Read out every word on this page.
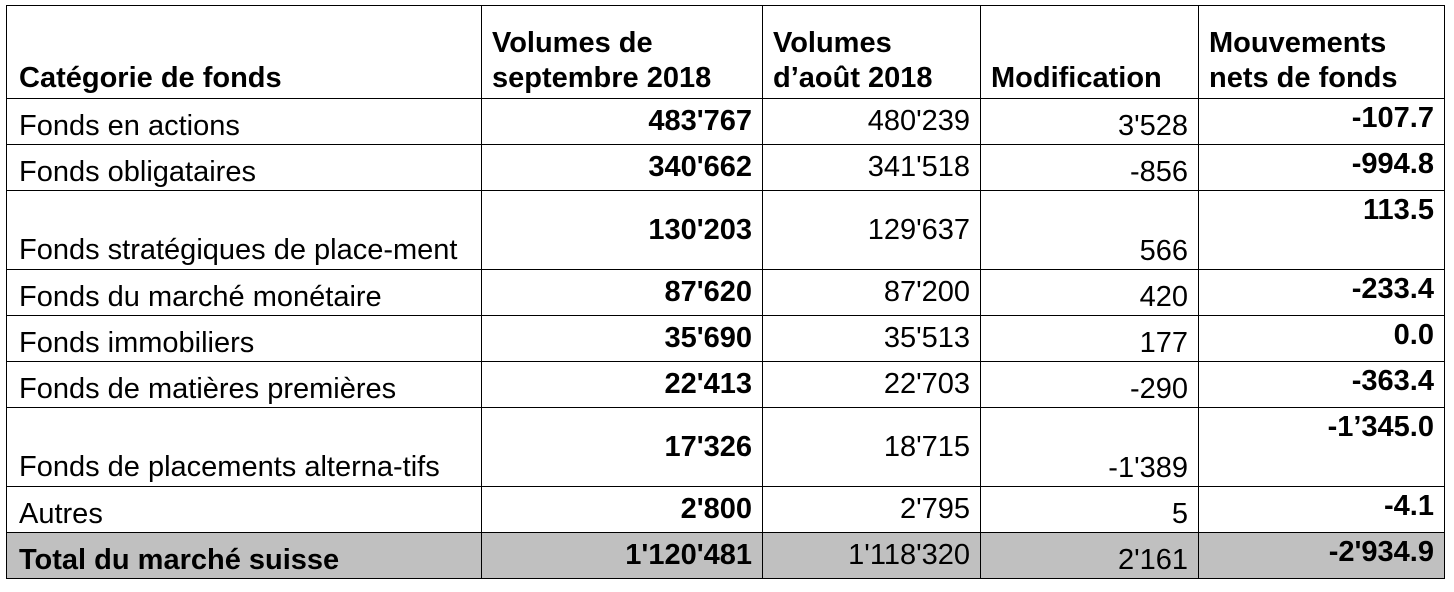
Catégorie de fonds	Volumes de septembre 2018	Volumes d’août 2018	Modification	Mouvements nets de fonds
Fonds en actions	483'767	480'239	3'528	-107.7
Fonds obligataires	340'662	341'518	-856	-994.8
Fonds stratégiques de place-ment	130'203	129'637	566	113.5
Fonds du marché monétaire	87'620	87'200	420	-233.4
Fonds immobiliers	35'690	35'513	177	0.0
Fonds de matières premières	22'413	22'703	-290	-363.4
Fonds de placements alterna-tifs	17'326	18'715	-1'389	-1’345.0
Autres	2'800	2'795	5	-4.1
Total du marché suisse	1'120'481	1'118'320	2'161	-2'934.9
